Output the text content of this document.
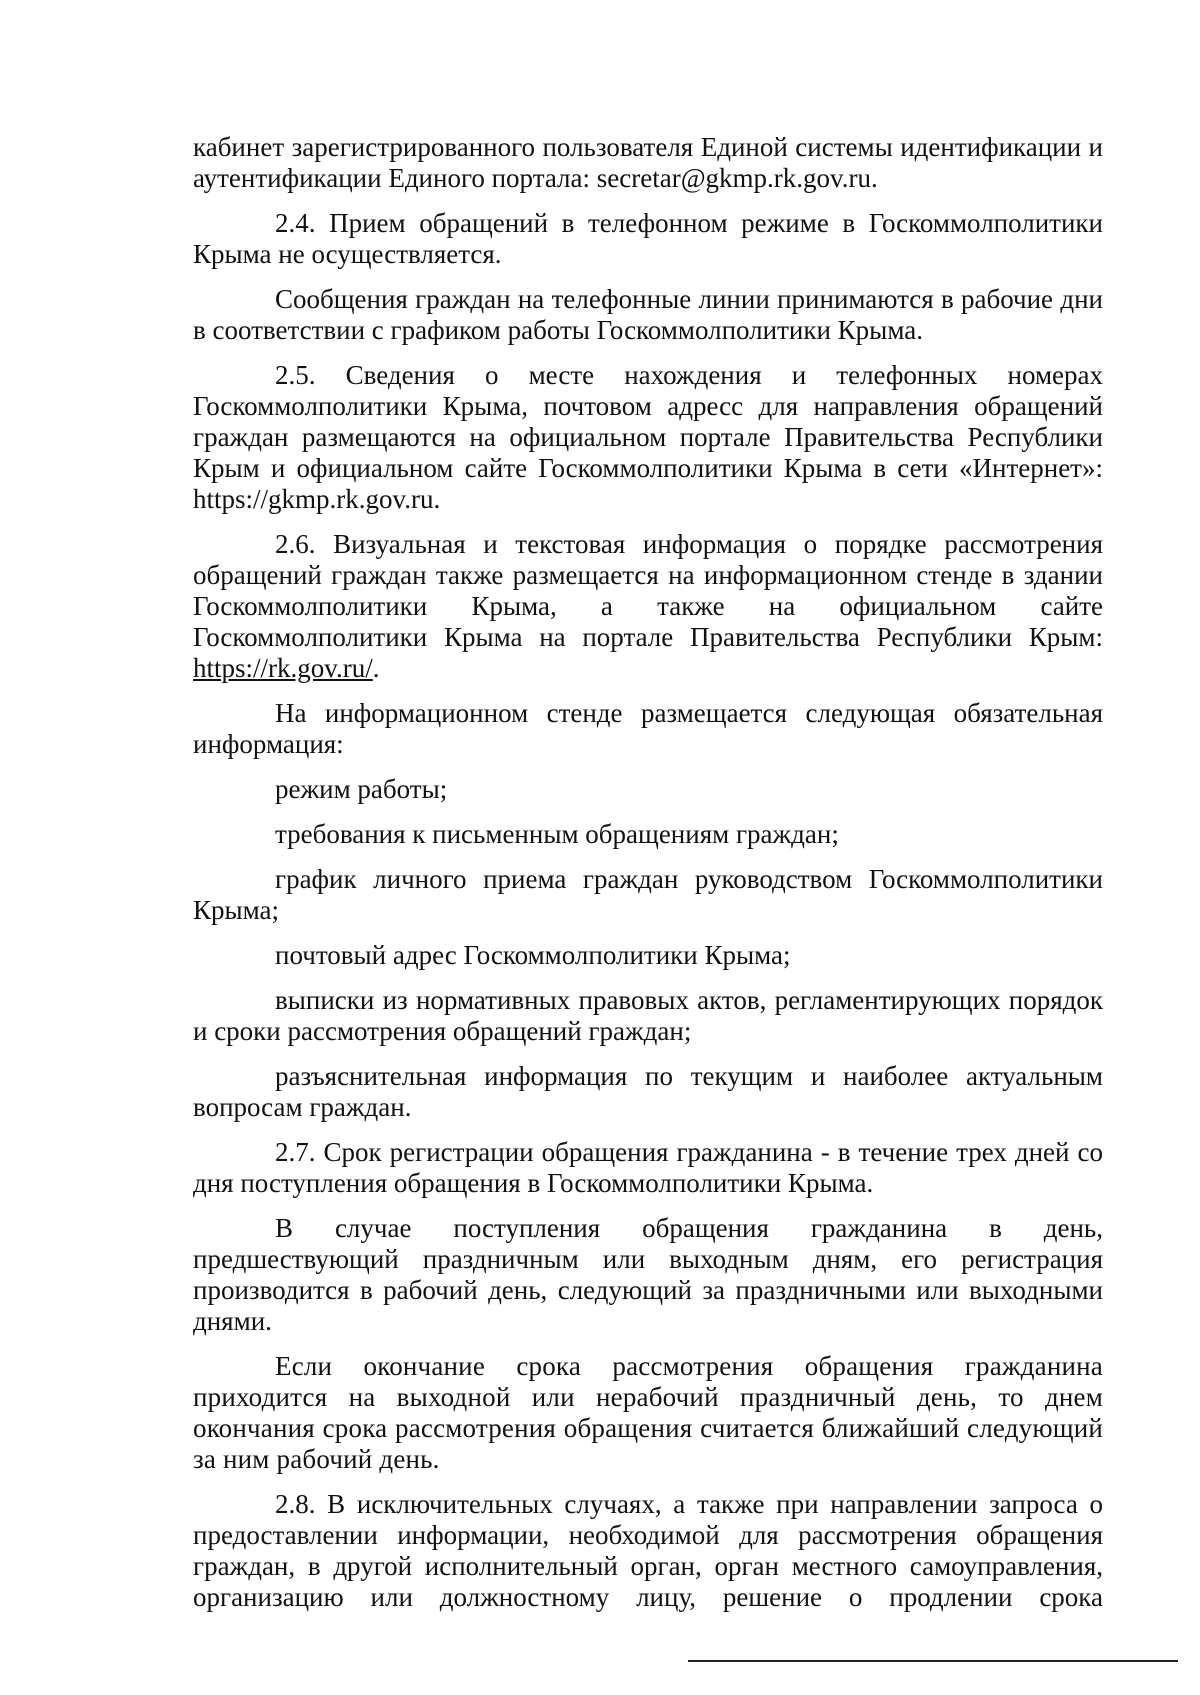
кабинет зарегистрированного пользователя Единой системы идентификации и аутентификации Единого портала: secretar@gkmp.rk.gov.ru.

2.4. Прием обращений в телефонном режиме в Госкоммолполитики Крыма не осуществляется.

Сообщения граждан на телефонные линии принимаются в рабочие дни в соответствии с графиком работы Госкоммолполитики Крыма.

2.5. Сведения о месте нахождения и телефонных номерах Госкоммолполитики Крыма, почтовом адресс для направления обращений граждан размещаются на официальном портале Правительства Республики Крым и официальном сайте Госкоммолполитики Крыма в сети «Интернет»: https://gkmp.rk.gov.ru.

2.6. Визуальная и текстовая информация о порядке рассмотрения обращений граждан также размещается на информационном стенде в здании Госкоммолполитики Крыма, а также на официальном сайте Госкоммолполитики Крыма на портале Правительства Республики Крым: https://rk.gov.ru/.

На информационном стенде размещается следующая обязательная информация:

режим работы;

требования к письменным обращениям граждан;

график личного приема граждан руководством Госкоммолполитики Крыма;

почтовый адрес Госкоммолполитики Крыма;

выписки из нормативных правовых актов, регламентирующих порядок и сроки рассмотрения обращений граждан;

разъяснительная информация по текущим и наиболее актуальным вопросам граждан.

2.7. Срок регистрации обращения гражданина - в течение трех дней со дня поступления обращения в Госкоммолполитики Крыма.

В случае поступления обращения гражданина в день, предшествующий праздничным или выходным дням, его регистрация производится в рабочий день, следующий за праздничными или выходными днями.

Если окончание срока рассмотрения обращения гражданина приходится на выходной или нерабочий праздничный день, то днем окончания срока рассмотрения обращения считается ближайший следующий за ним рабочий день.

2.8. В исключительных случаях, а также при направлении запроса о предоставлении информации, необходимой для рассмотрения обращения граждан, в другой исполнительный орган, орган местного самоуправления, организацию или должностному лицу, решение о продлении срока
